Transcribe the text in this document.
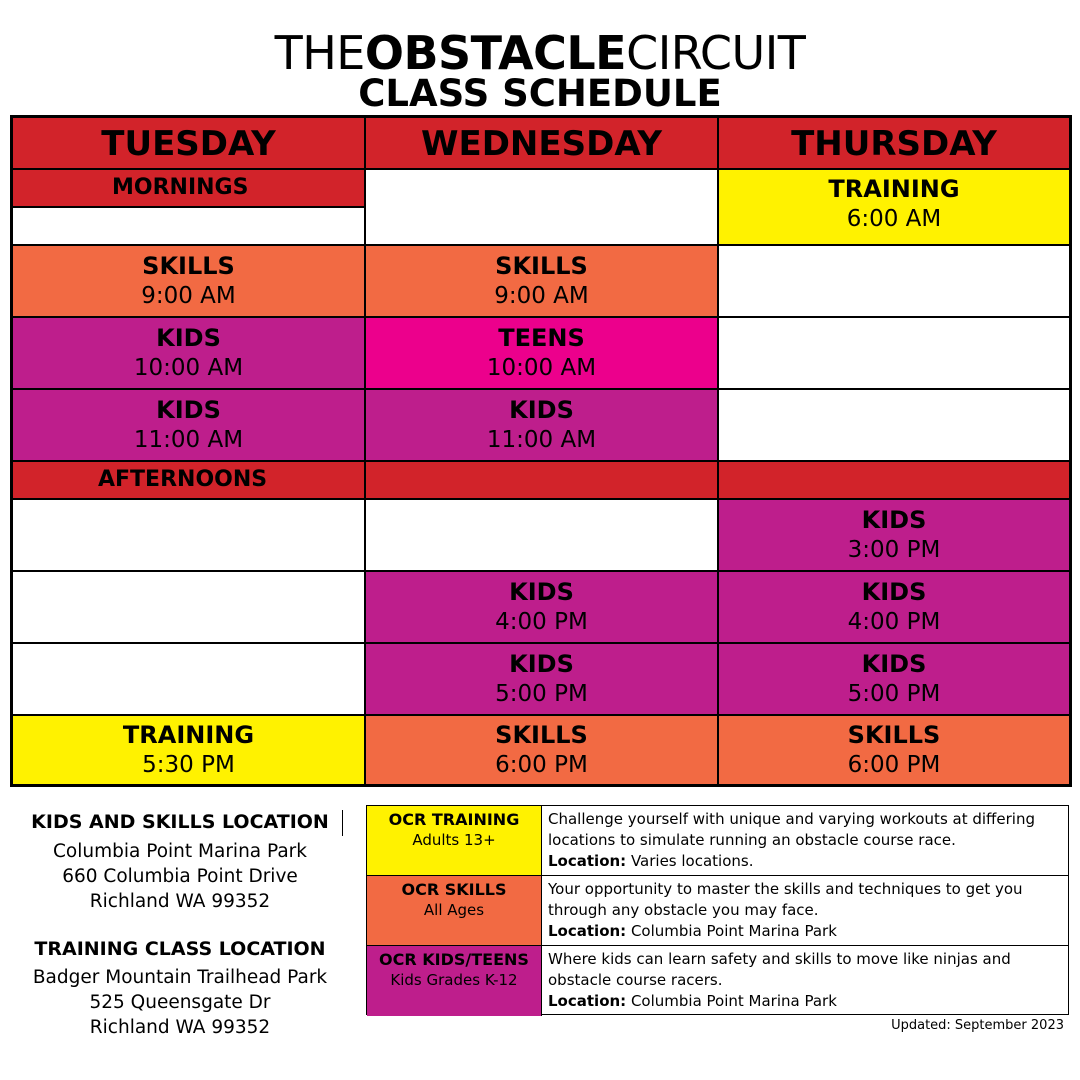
THEOBSTACLECIRCUIT
CLASS SCHEDULE
TUESDAY	WEDNESDAY	THURSDAY
MORNINGS
SKILLS
9:00 AM
KIDS
10:00 AM
KIDS
11:00 AM
AFTERNOONS
TRAINING
5:30 PM
SKILLS
9:00 AM
TEENS
10:00 AM
KIDS
11:00 AM
KIDS
4:00 PM
KIDS
5:00 PM
SKILLS
6:00 PM
TRAINING
6:00 AM
KIDS
3:00 PM
KIDS
4:00 PM
KIDS
5:00 PM
SKILLS
6:00 PM
KIDS AND SKILLS LOCATION
Columbia Point Marina Park
660 Columbia Point Drive
Richland WA 99352
TRAINING CLASS LOCATION
Badger Mountain Trailhead Park
525 Queensgate Dr
Richland WA 99352
OCR TRAINING
Adults 13+
Challenge yourself with unique and varying workouts at differing locations to simulate running an obstacle course race.
Location: Varies locations.
OCR SKILLS
All Ages
Your opportunity to master the skills and techniques to get you through any obstacle you may face.
Location: Columbia Point Marina Park
OCR KIDS/TEENS
Kids Grades K-12
Where kids can learn safety and skills to move like ninjas and obstacle course racers.
Location: Columbia Point Marina Park
Updated: September 2023
